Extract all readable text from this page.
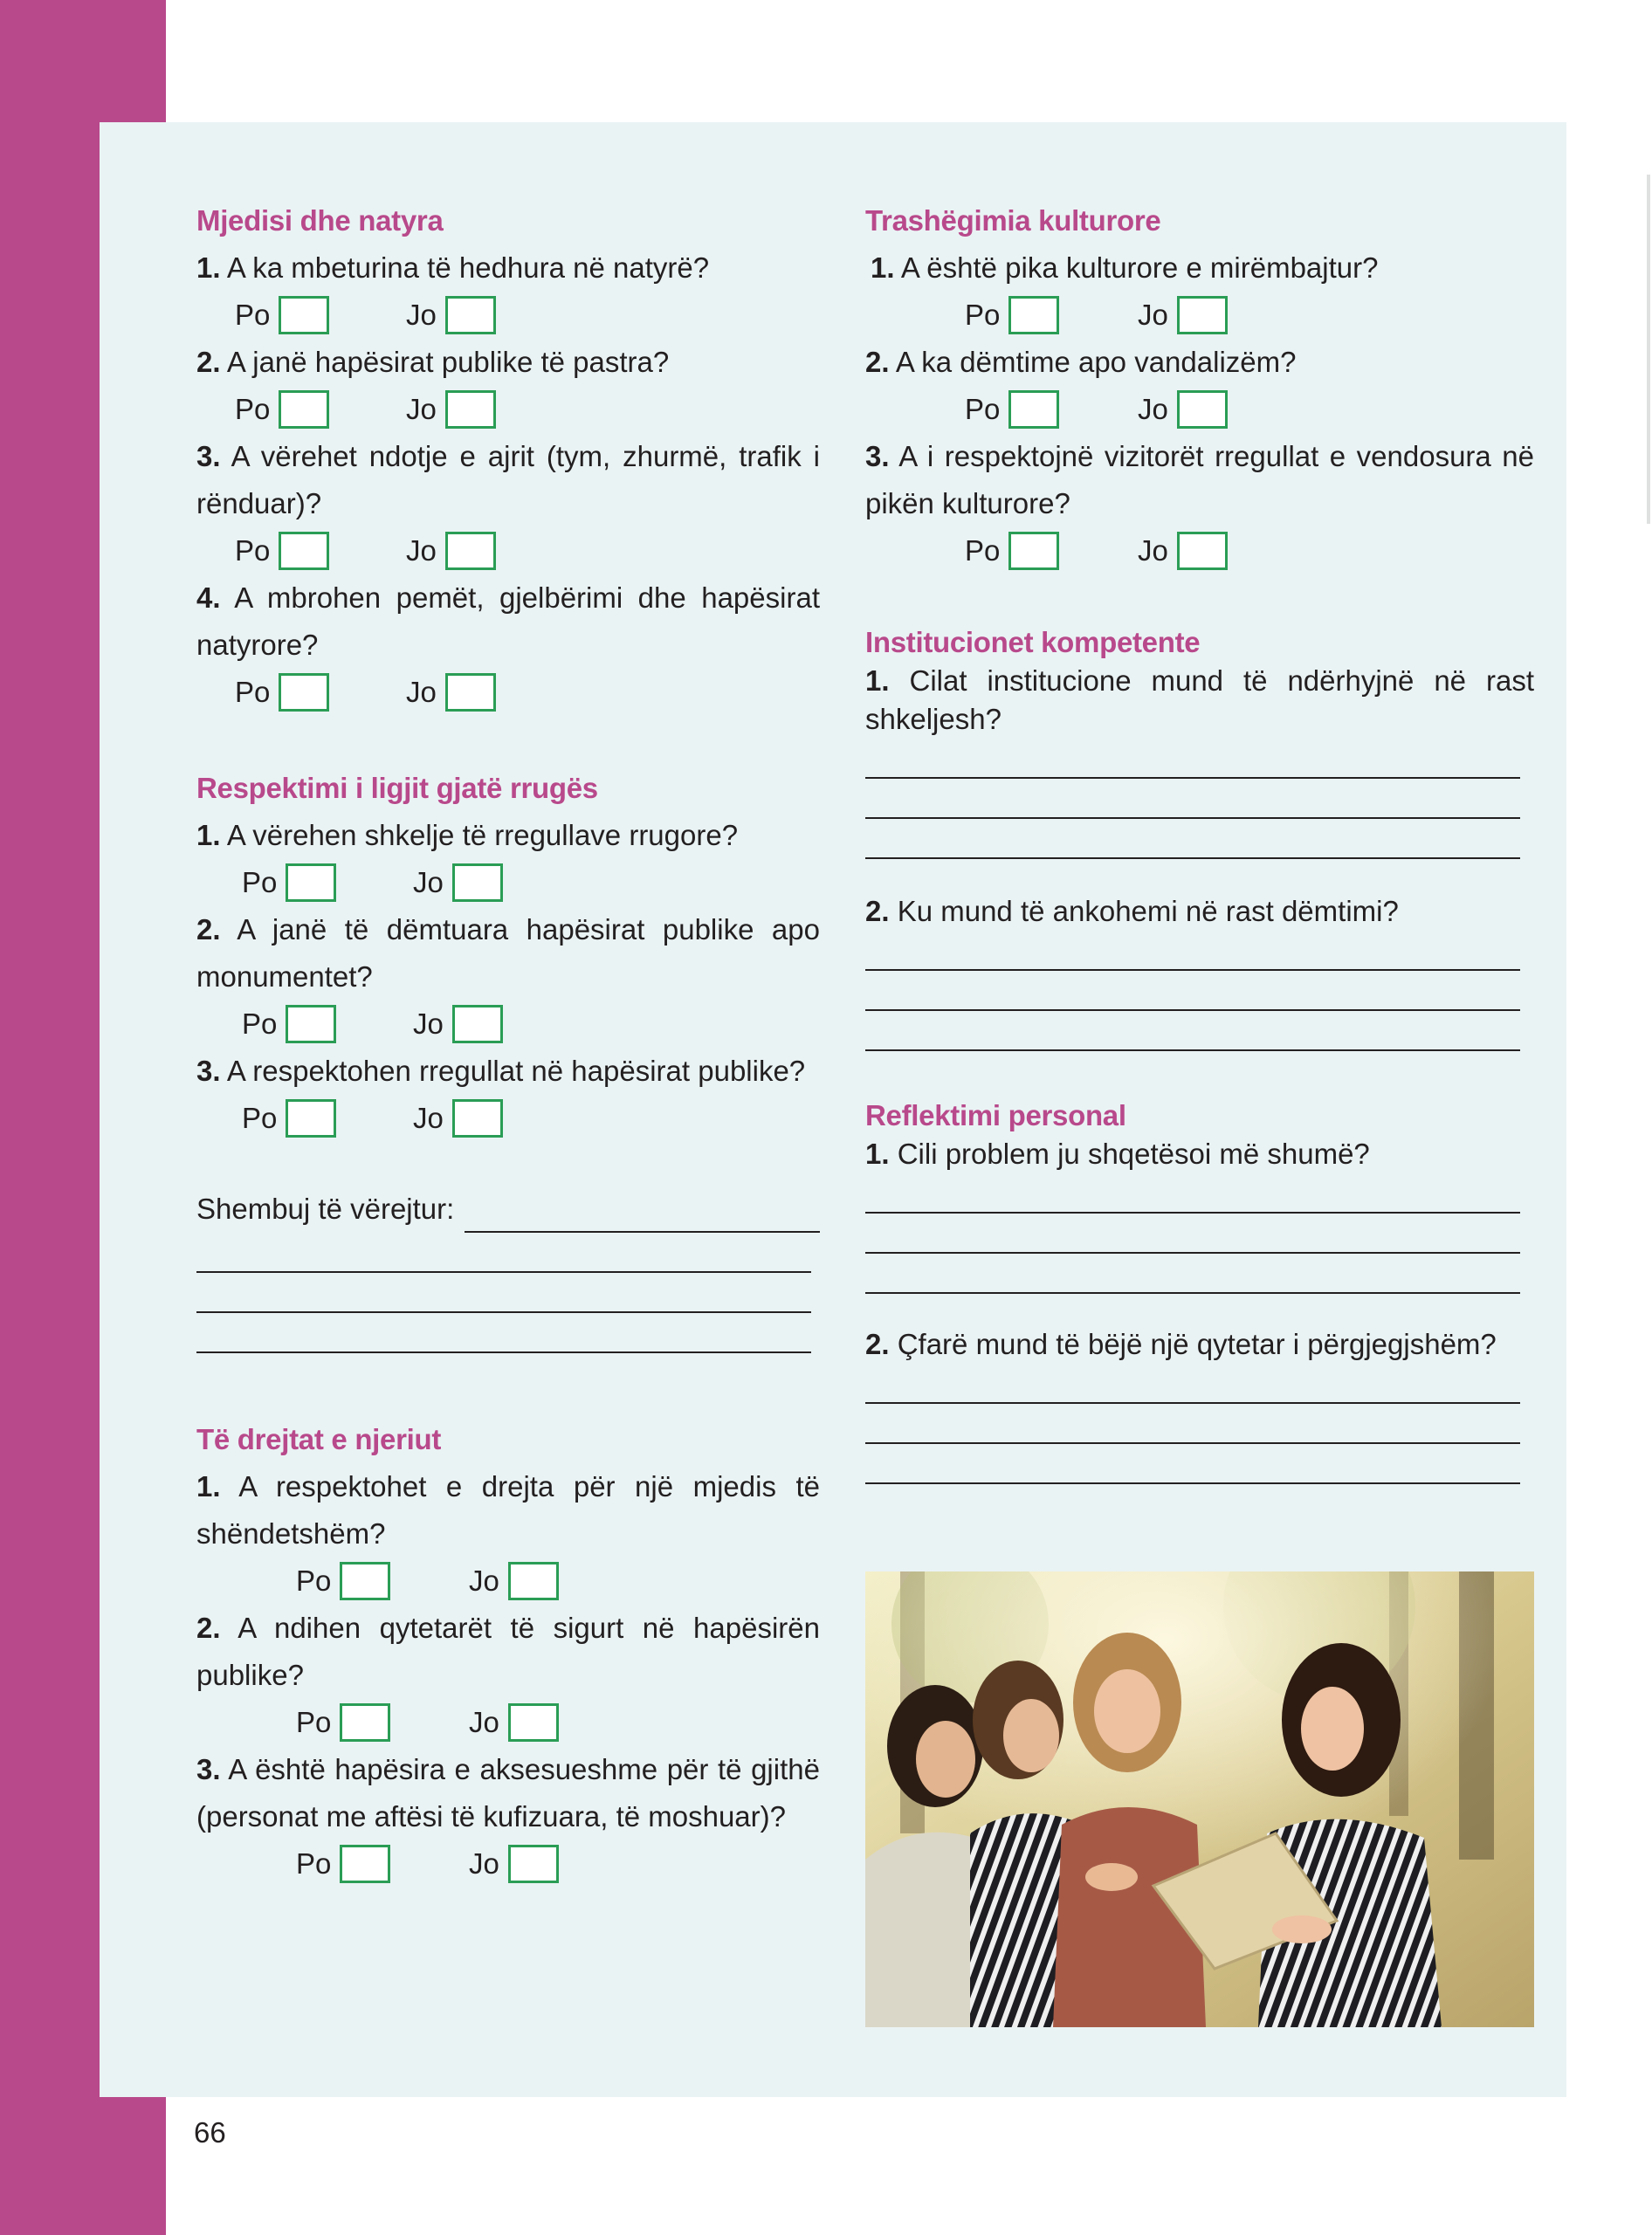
Mjedisi dhe natyra
1. A ka mbeturina të hedhura në natyrë?
Po	Jo
2. A janë hapësirat publike të pastra?
Po	Jo
3. A vërehet ndotje e ajrit (tym, zhurmë, trafik i rënduar)?
Po	Jo
4. A mbrohen pemët, gjelbërimi dhe hapësirat natyrore?
Po	Jo
Respektimi i ligjit gjatë rrugës
1. A vërehen shkelje të rregullave rrugore?
Po	Jo
2. A janë të dëmtuara hapësirat publike apo monumentet?
Po	Jo
3. A respektohen rregullat në hapësirat publike?
Po	Jo
Shembuj të vërejtur:
Të drejtat e njeriut
1. A respektohet e drejta për një mjedis të shëndetshëm?
Po	Jo
2. A ndihen qytetarët të sigurt në hapësirën publike?
Po	Jo
3. A është hapësira e aksesueshme për të gjithë (personat me aftësi të kufizuara, të moshuar)?
Po	Jo
Trashëgimia kulturore
1. A është pika kulturore e mirëmbajtur?
Po	Jo
2. A ka dëmtime apo vandalizëm?
Po	Jo
3. A i respektojnë vizitorët rregullat e vendosura në pikën kulturore?
Po	Jo
Institucionet kompetente
1. Cilat institucione mund të ndërhyjnë në rast shkeljesh?
2. Ku mund të ankohemi në rast dëmtimi?
Reflektimi personal
1. Cili problem ju shqetësoi më shumë?
2. Çfarë mund të bëjë një qytetar i përgjegjshëm?
66
